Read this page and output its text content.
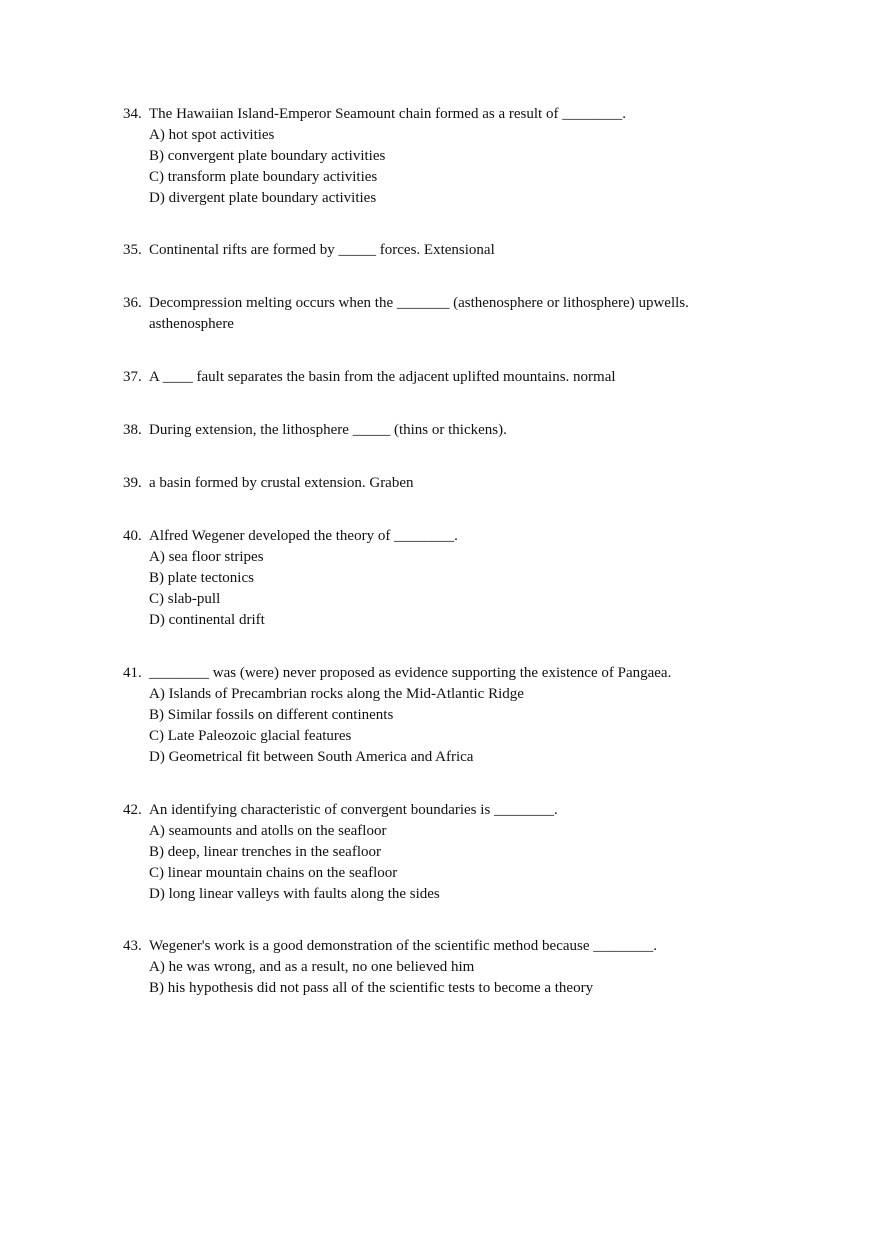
34. The Hawaiian Island-Emperor Seamount chain formed as a result of ________.
A) hot spot activities
B) convergent plate boundary activities
C) transform plate boundary activities
D) divergent plate boundary activities
35. Continental rifts are formed by _____ forces. Extensional
36. Decompression melting occurs when the _______ (asthenosphere or lithosphere) upwells.
asthenosphere
37. A ____ fault separates the basin from the adjacent uplifted mountains. normal
38. During extension, the lithosphere _____ (thins or thickens).
39. a basin formed by crustal extension. Graben
40. Alfred Wegener developed the theory of ________.
A) sea floor stripes
B) plate tectonics
C) slab-pull
D) continental drift
41. ________ was (were) never proposed as evidence supporting the existence of Pangaea.
A) Islands of Precambrian rocks along the Mid-Atlantic Ridge
B) Similar fossils on different continents
C) Late Paleozoic glacial features
D) Geometrical fit between South America and Africa
42. An identifying characteristic of convergent boundaries is ________.
A) seamounts and atolls on the seafloor
B) deep, linear trenches in the seafloor
C) linear mountain chains on the seafloor
D) long linear valleys with faults along the sides
43. Wegener's work is a good demonstration of the scientific method because ________.
A) he was wrong, and as a result, no one believed him
B) his hypothesis did not pass all of the scientific tests to become a theory
